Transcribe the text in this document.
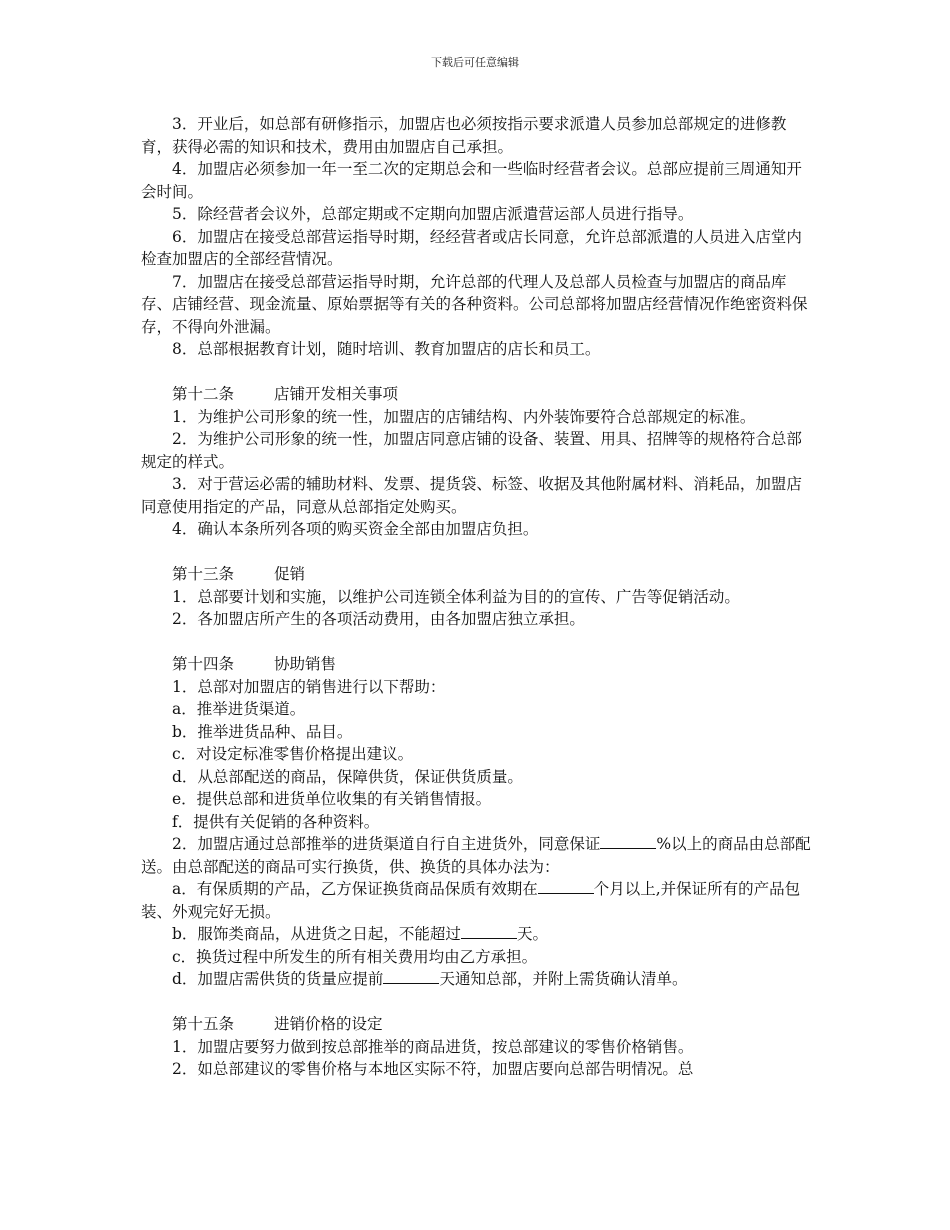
下载后可任意编辑

3．开业后，如总部有研修指示，加盟店也必须按指示要求派遣人员参加总部规定的进修教育，获得必需的知识和技术，费用由加盟店自己承担。

4．加盟店必须参加一年一至二次的定期总会和一些临时经营者会议。总部应提前三周通知开会时间。

5．除经营者会议外，总部定期或不定期向加盟店派遣营运部人员进行指导。

6．加盟店在接受总部营运指导时期，经经营者或店长同意，允许总部派遣的人员进入店堂内检查加盟店的全部经营情况。

7．加盟店在接受总部营运指导时期，允许总部的代理人及总部人员检查与加盟店的商品库存、店铺经营、现金流量、原始票据等有关的各种资料。公司总部将加盟店经营情况作绝密资料保存，不得向外泄漏。

8．总部根据教育计划，随时培训、教育加盟店的店长和员工。

第十二条	店铺开发相关事项

1．为维护公司形象的统一性，加盟店的店铺结构、内外装饰要符合总部规定的标准。

2．为维护公司形象的统一性，加盟店同意店铺的设备、装置、用具、招牌等的规格符合总部规定的样式。

3．对于营运必需的辅助材料、发票、提货袋、标签、收据及其他附属材料、消耗品，加盟店同意使用指定的产品，同意从总部指定处购买。

4．确认本条所列各项的购买资金全部由加盟店负担。

第十三条	促销

1．总部要计划和实施，以维护公司连锁全体利益为目的的宣传、广告等促销活动。

2．各加盟店所产生的各项活动费用，由各加盟店独立承担。

第十四条	协助销售

1．总部对加盟店的销售进行以下帮助：

a．推举进货渠道。

b．推举进货品种、品目。

c．对设定标准零售价格提出建议。

d．从总部配送的商品，保障供货，保证供货质量。

e．提供总部和进货单位收集的有关销售情报。

f．提供有关促销的各种资料。

2．加盟店通过总部推举的进货渠道自行自主进货外，同意保证	%以上的商品由总部配送。由总部配送的商品可实行换货，供、换货的具体办法为：

a．有保质期的产品，乙方保证换货商品保质有效期在	个月以上,并保证所有的产品包装、外观完好无损。

b．服饰类商品，从进货之日起，不能超过	天。

c．换货过程中所发生的所有相关费用均由乙方承担。

d．加盟店需供货的货量应提前	天通知总部，并附上需货确认清单。

第十五条	进销价格的设定

1．加盟店要努力做到按总部推举的商品进货，按总部建议的零售价格销售。

2．如总部建议的零售价格与本地区实际不符，加盟店要向总部告明情况。总
